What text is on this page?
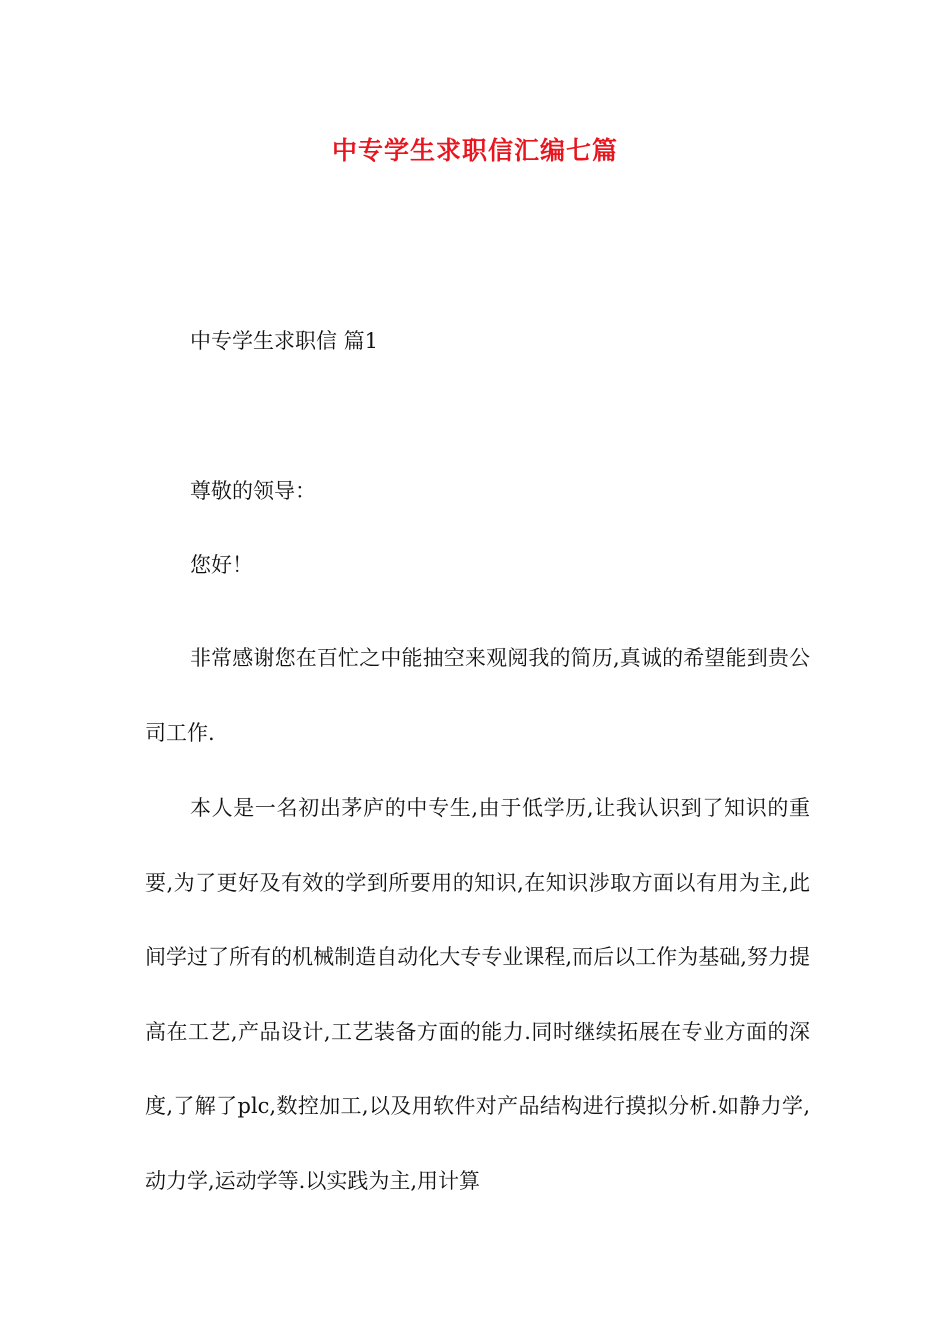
中专学生求职信汇编七篇
中专学生求职信 篇1

尊敬的领导：

您好！

非常感谢您在百忙之中能抽空来观阅我的简历,真诚的希望能到贵公司工作.

本人是一名初出茅庐的中专生,由于低学历,让我认识到了知识的重要,为了更好及有效的学到所要用的知识,在知识涉取方面以有用为主,此间学过了所有的机械制造自动化大专专业课程,而后以工作为基础,努力提高在工艺,产品设计,工艺装备方面的能力.同时继续拓展在专业方面的深度,了解了plc,数控加工,以及用软件对产品结构进行摸拟分析.如静力学,动力学,运动学等.以实践为主,用计算
